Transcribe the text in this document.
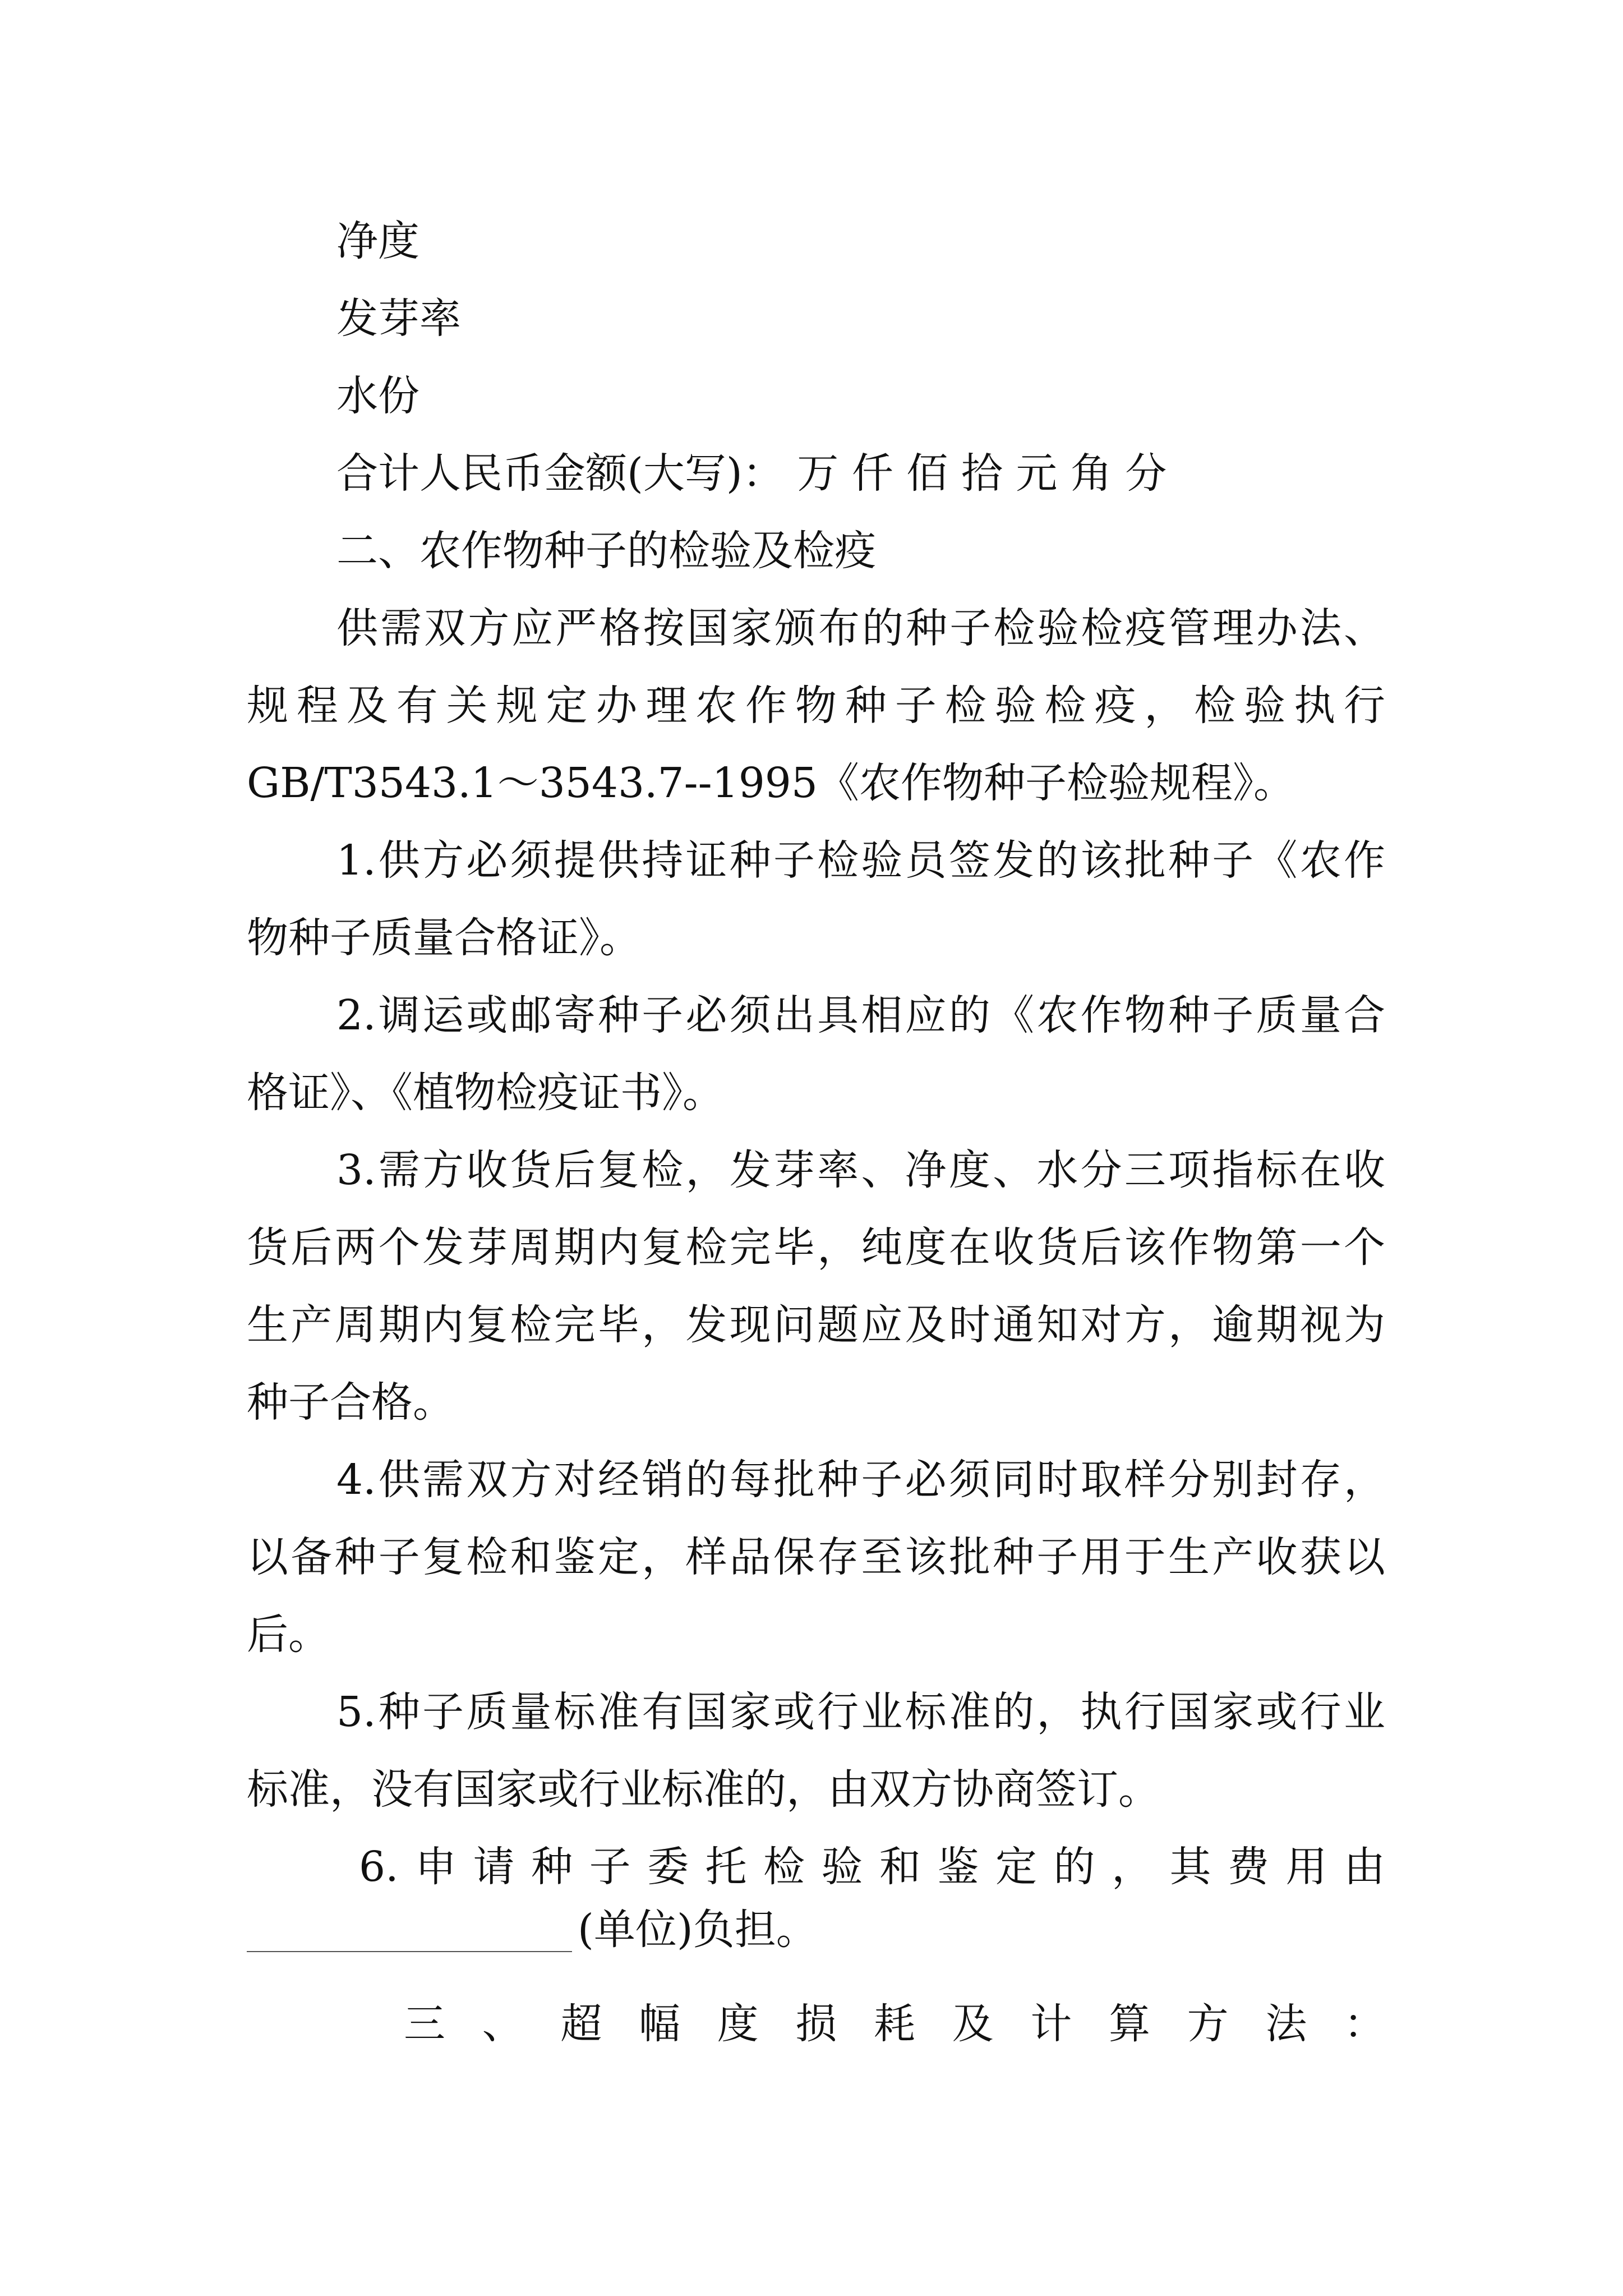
净度
发芽率
水份
合计人民币金额(大写)： 万 仟 佰 拾 元 角 分
二、农作物种子的检验及检疫
供需双方应严格按国家颁布的种子检验检疫管理办法、
规程及有关规定办理农作物种子检验检疫，检验执行
GB/T3543.1～3543.7--1995《农作物种子检验规程》。
1.供方必须提供持证种子检验员签发的该批种子《农作
物种子质量合格证》。
2.调运或邮寄种子必须出具相应的《农作物种子质量合
格证》、《植物检疫证书》。
3.需方收货后复检，发芽率、净度、水分三项指标在收
货后两个发芽周期内复检完毕，纯度在收货后该作物第一个
生产周期内复检完毕，发现问题应及时通知对方，逾期视为
种子合格。
4.供需双方对经销的每批种子必须同时取样分别封存，
以备种子复检和鉴定，样品保存至该批种子用于生产收获以
后。
5.种子质量标准有国家或行业标准的，执行国家或行业
标准，没有国家或行业标准的，由双方协商签订。
6.申请种子委托检验和鉴定的，其费用由
(单位)负担。
三、超幅度损耗及计算方法：
